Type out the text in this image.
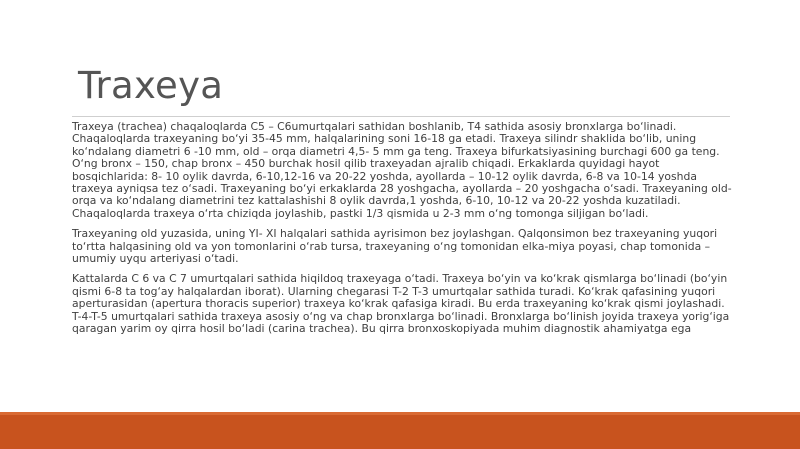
Traxeya

Traxeya (trachea) chaqaloqlarda C5 – C6umurtqalari sathidan boshlanib, T4 sathida asosiy bronxlarga bo‘linadi. Chaqaloqlarda traxeyaning bo‘yi 35-45 mm, halqalarining soni 16-18 ga etadi. Traxeya silindr shaklida bo‘lib, uning ko‘ndalang diametri 6 -10 mm, old – orqa diametri 4,5- 5 mm ga teng. Traxeya bifurkatsiyasining burchagi 600 ga teng. O‘ng bronx – 150, chap bronx – 450 burchak hosil qilib traxeyadan ajralib chiqadi. Erkaklarda quyidagi hayot bosqichlarida: 8- 10 oylik davrda, 6-10,12-16 va 20-22 yoshda, ayollarda – 10-12 oylik davrda, 6-8 va 10-14 yoshda traxeya ayniqsa tez o‘sadi. Traxeyaning bo‘yi erkaklarda 28 yoshgacha, ayollarda – 20 yoshgacha o‘sadi. Traxeyaning old-orqa va ko‘ndalang diametrini tez kattalashishi 8 oylik davrda,1 yoshda, 6-10, 10-12 va 20-22 yoshda kuzatiladi. Chaqaloqlarda traxeya o‘rta chiziqda joylashib, pastki 1/3 qismida u 2-3 mm o‘ng tomonga siljigan bo‘ladi.

Traxeyaning old yuzasida, uning YI- XI halqalari sathida ayrisimon bez joylashgan. Qalqonsimon bez traxeyaning yuqori to‘rtta halqasining old va yon tomonlarini o‘rab tursa, traxeyaning o‘ng tomonidan elka-miya poyasi, chap tomonida – umumiy uyqu arteriyasi o‘tadi.

Kattalarda C 6 va C 7 umurtqalari sathida hiqildoq traxeyaga o‘tadi. Traxeya bo‘yin va ko‘krak qismlarga bo‘linadi (bo‘yin qismi 6-8 ta tog‘ay halqalardan iborat). Ularning chegarasi T-2 T-3 umurtqalar sathida turadi. Ko‘krak qafasining yuqori aperturasidan (apertura thoracis superior) traxeya ko‘krak qafasiga kiradi. Bu erda traxeyaning ko‘krak qismi joylashadi. T-4-T-5 umurtqalari sathida traxeya asosiy o‘ng va chap bronxlarga bo‘linadi. Bronxlarga bo‘linish joyida traxeya yorig‘iga qaragan yarim oy qirra hosil bo‘ladi (carina trachea). Bu qirra bronxoskopiyada muhim diagnostik ahamiyatga ega
